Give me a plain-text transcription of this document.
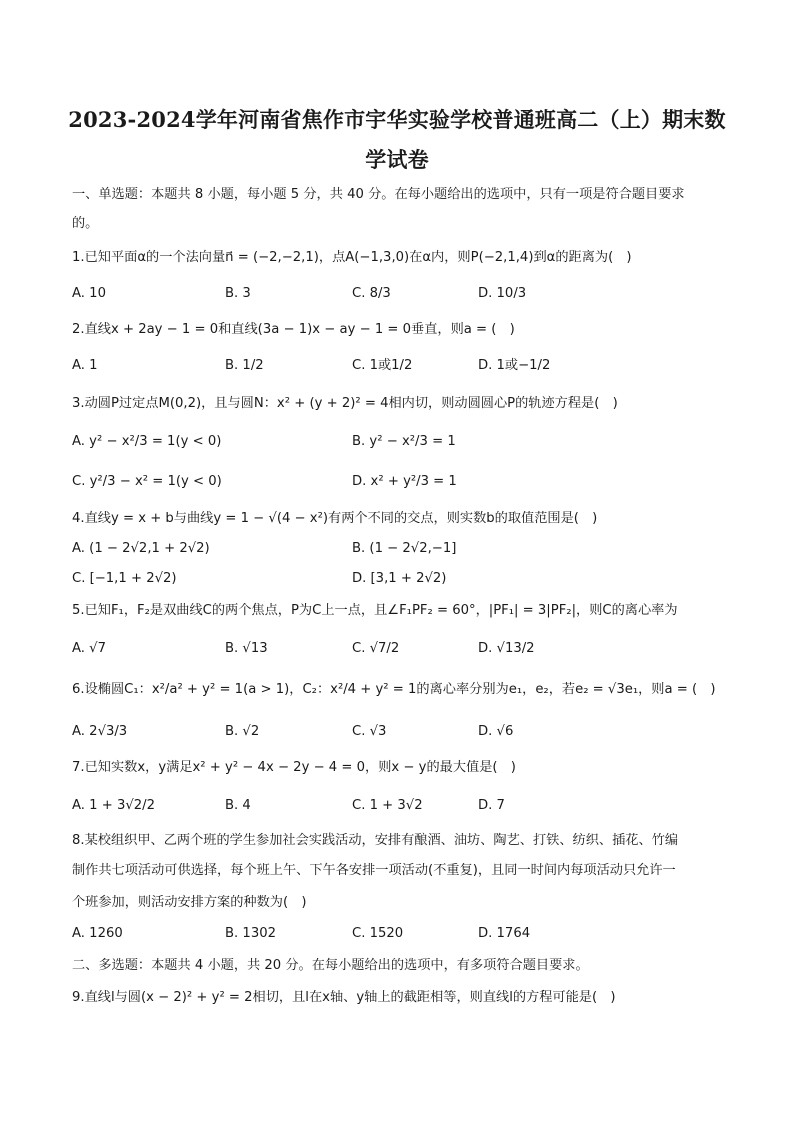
2023-2024学年河南省焦作市宇华实验学校普通班高二（上）期末数
学试卷
一、单选题：本题共 8 小题，每小题 5 分，共 40 分。在每小题给出的选项中，只有一项是符合题目要求
的。
1.已知平面α的一个法向量n⃗ = (−2,−2,1)，点A(−1,3,0)在α内，则P(−2,1,4)到α的距离为(　)
A. 10	B. 3	C. 8/3	D. 10/3
2.直线x + 2ay − 1 = 0和直线(3a − 1)x − ay − 1 = 0垂直，则a = (　)
A. 1	B. 1/2	C. 1或1/2	D. 1或−1/2
3.动圆P过定点M(0,2)，且与圆N：x² + (y + 2)² = 4相内切，则动圆圆心P的轨迹方程是(　)
A. y² − x²/3 = 1(y < 0)	B. y² − x²/3 = 1
C. y²/3 − x² = 1(y < 0)	D. x² + y²/3 = 1
4.直线y = x + b与曲线y = 1 − √(4 − x²)有两个不同的交点，则实数b的取值范围是(　)
A. (1 − 2√2,1 + 2√2)	B. (1 − 2√2,−1]
C. [−1,1 + 2√2)	D. [3,1 + 2√2)
5.已知F₁，F₂是双曲线C的两个焦点，P为C上一点，且∠F₁PF₂ = 60°，|PF₁| = 3|PF₂|，则C的离心率为
A. √7	B. √13	C. √7/2	D. √13/2
6.设椭圆C₁：x²/a² + y² = 1(a > 1)，C₂：x²/4 + y² = 1的离心率分别为e₁，e₂，若e₂ = √3e₁，则a = (　)
A. 2√3/3	B. √2	C. √3	D. √6
7.已知实数x，y满足x² + y² − 4x − 2y − 4 = 0，则x − y的最大值是(　)
A. 1 + 3√2/2	B. 4	C. 1 + 3√2	D. 7
8.某校组织甲、乙两个班的学生参加社会实践活动，安排有酿酒、油坊、陶艺、打铁、纺织、插花、竹编
制作共七项活动可供选择，每个班上午、下午各安排一项活动(不重复)，且同一时间内每项活动只允许一
个班参加，则活动安排方案的种数为(　)
A. 1260	B. 1302	C. 1520	D. 1764
二、多选题：本题共 4 小题，共 20 分。在每小题给出的选项中，有多项符合题目要求。
9.直线l与圆(x − 2)² + y² = 2相切，且l在x轴、y轴上的截距相等，则直线l的方程可能是(　)
